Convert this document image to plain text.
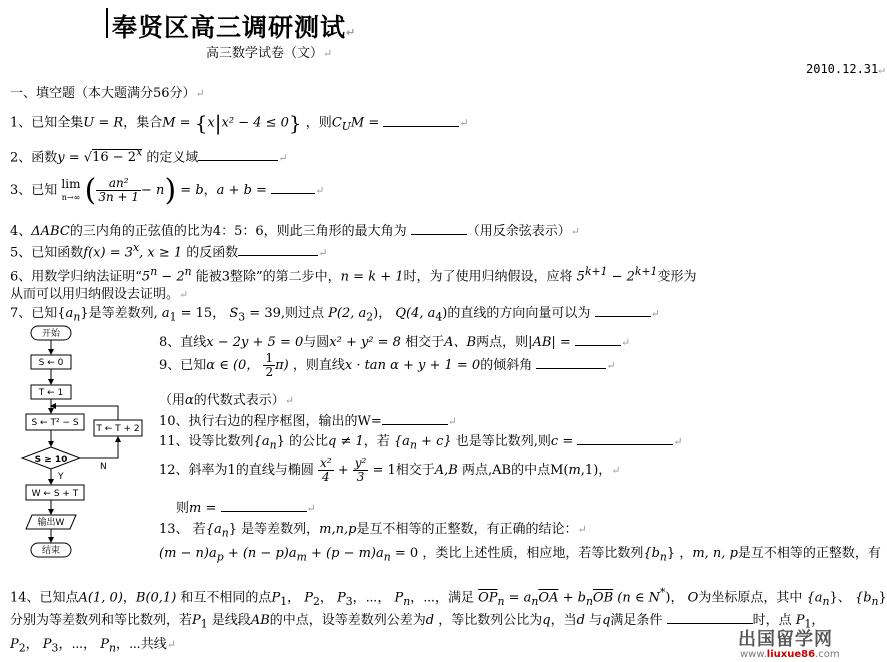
奉贤区高三调研测试↵
高三数学试卷（文）↵
2010.12.31↵
一、填空题（本大题满分56分）↵
1、已知全集U = R，集合M = {x|x² − 4 ≤ 0} ，则$C_UM$ =	↵
2、函数$y = √16 - 2^x$ 的定义域	↵
3、已知 lim
n→∞ ( $\frac{\text{an²}}{3n + 1} - n) = b$，a + b =	↵
4、ΔABC的三内角的正弦值的比为4：5：6，则此三角形的最大角为	（用反余弦表示）↵
5、已知函数$f(x) = 3^x$, x ≥ 1 的反函数	↵
6、用数学归纳法证明“$5^n - 2^n$ 能被3整除”的第二步中，n = k + 1时，为了使用归纳假设，应将 $5^{k+1} - 2^{k+1}$变形为
从而可以用归纳假设去证明。↵
7、已知$\{a_n\}$是等差数列, $a_1 = 15$， $S_3 = 39$,则过点 P(2, $a_2$)， Q(4, $a_4$)的直线的方向向量可以为	↵
开始
S ← 0
T ← 1
S ← T² − S
T ← T + 2
S ≥ 10
Y
N
W ← S + T
输出W
结束
8、直线x − 2y + 5 = 0与圆x² + y² = 8 相交于A、B两点，则|AB| =	↵
9、已知α ∈ (0， $\frac{1}{2} \pi$) ，则直线x · tan α + y + 1 = 0的倾斜角	↵
（用α的代数式表示）↵
10、执行右边的程序框图，输出的W=	↵
11、设等比数列$\{a_n\}$ 的公比q ≠ 1，若 $\{a_n + c\}$ 也是等比数列,则c =	↵
12、斜率为1的直线与椭圆 $\frac{\text{x²}}{4} + \frac{\text{y²}}{3} = 1$相交于A,B 两点,AB的中点M(m,1)，↵
则m =	↵
13、 若$\{a_n\}$ 是等差数列，m,n,p是互不相等的正整数，有正确的结论：↵
$(m - n)a_p + (n - p)a_m + (p - m)a_n = 0$ ，类比上述性质，相应地，若等比数列$\{b_n\}$ ，m, n, p是互不相等的正整数，有
14、已知点A(1, 0)，B(0,1) 和互不相同的点$P_1$， $P_2$， $P_3$，⋯， $P_n$，⋯，满足 $\overline{OP}_n = a_n\overline{OA} + b_n\overline{OB}$ (n ∈ N*)， O为坐标原点，其中 $\{a_n\}$、 $\{b_n\}$
分别为等差数列和等比数列，若$P_1$ 是线段AB的中点，设等差数列公差为d ，等比数列公比为q，当d 与q满足条件	时，点 $P_1$，
$P_2$， $P_3$，⋯， $P_n$，⋯共线↵	出国留学网
www.liuxue86.com
